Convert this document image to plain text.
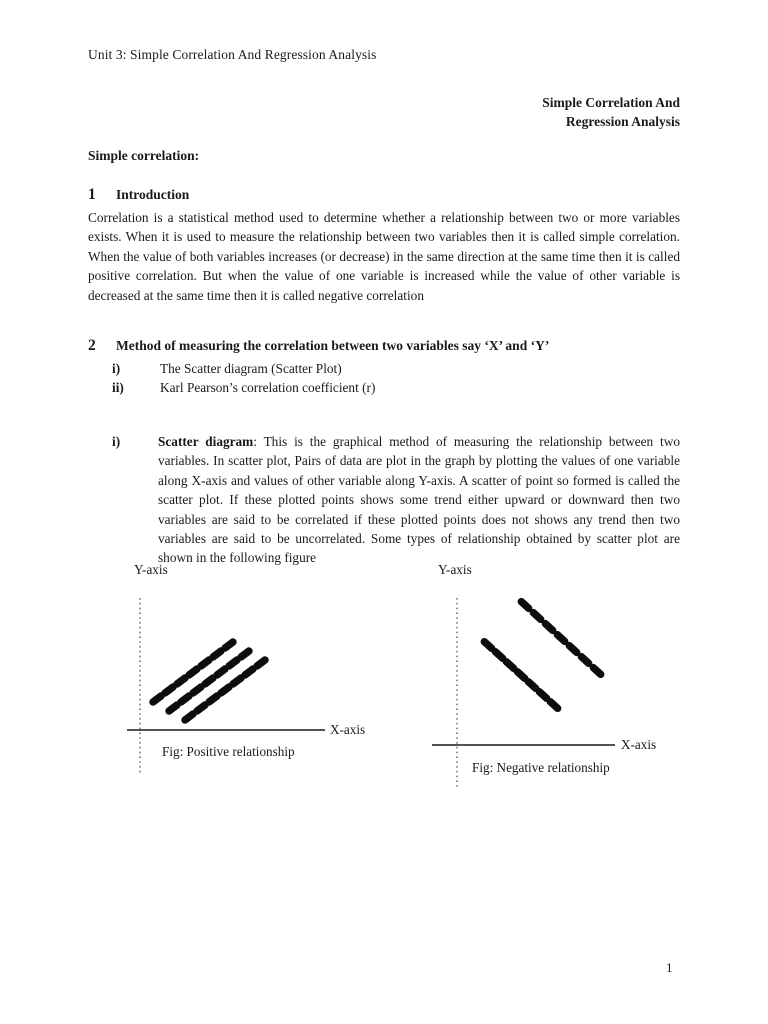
Unit 3: Simple Correlation And Regression Analysis
Simple Correlation And
Regression Analysis
Simple correlation:
1 Introduction
Correlation is a statistical method used to determine whether a relationship between two or more variables exists. When it is used to measure the relationship between two variables then it is called simple correlation. When the value of both variables increases (or decrease) in the same direction at the same time then it is called positive correlation. But when the value of one variable is increased while the value of other variable is decreased at the same time then it is called negative correlation
2 Method of measuring the correlation between two variables say ‘X’ and ‘Y’
i)	The Scatter diagram (Scatter Plot)
ii)	Karl Pearson’s correlation coefficient (r)
i)	Scatter diagram: This is the graphical method of measuring the relationship between two variables. In scatter plot, Pairs of data are plot in the graph by plotting the values of one variable along X-axis and values of other variable along Y-axis. A scatter of point so formed is called the scatter plot. If these plotted points shows some trend either upward or downward then two variables are said to be correlated if these plotted points does not shows any trend then two variables are said to be uncorrelated. Some types of relationship obtained by scatter plot are shown in the following figure
Y-axis
X-axis
Fig: Positive relationship
Y-axis
X-axis
Fig: Negative relationship
1
